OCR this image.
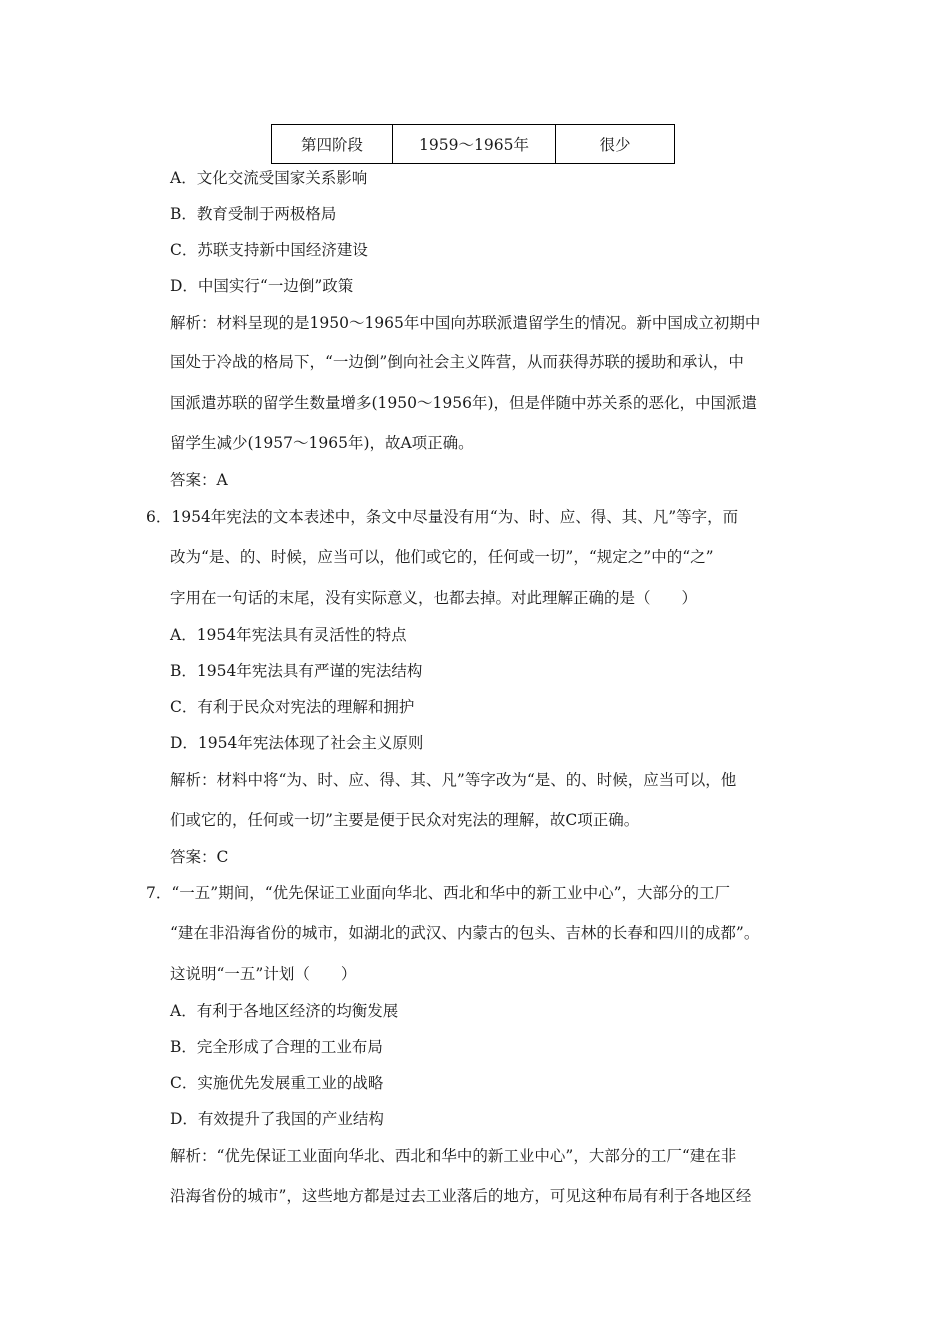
第四阶段	1959～1965年	很少
A．文化交流受国家关系影响
B．教育受制于两极格局
C．苏联支持新中国经济建设
D．中国实行“一边倒”政策
解析：材料呈现的是1950～1965年中国向苏联派遣留学生的情况。新中国成立初期中
国处于冷战的格局下，“一边倒”倒向社会主义阵营，从而获得苏联的援助和承认，中
国派遣苏联的留学生数量增多(1950～1956年)，但是伴随中苏关系的恶化，中国派遣
留学生减少(1957～1965年)，故A项正确。
答案：A
6．1954年宪法的文本表述中，条文中尽量没有用“为、时、应、得、其、凡”等字，而
改为“是、的、时候，应当可以，他们或它的，任何或一切”，“规定之”中的“之”
字用在一句话的末尾，没有实际意义，也都去掉。对此理解正确的是（　　）
A．1954年宪法具有灵活性的特点
B．1954年宪法具有严谨的宪法结构
C．有利于民众对宪法的理解和拥护
D．1954年宪法体现了社会主义原则
解析：材料中将“为、时、应、得、其、凡”等字改为“是、的、时候，应当可以，他
们或它的，任何或一切”主要是便于民众对宪法的理解，故C项正确。
答案：C
7．“一五”期间，“优先保证工业面向华北、西北和华中的新工业中心”，大部分的工厂
“建在非沿海省份的城市，如湖北的武汉、内蒙古的包头、吉林的长春和四川的成都”。
这说明“一五”计划（　　）
A．有利于各地区经济的均衡发展
B．完全形成了合理的工业布局
C．实施优先发展重工业的战略
D．有效提升了我国的产业结构
解析：“优先保证工业面向华北、西北和华中的新工业中心”，大部分的工厂“建在非
沿海省份的城市”，这些地方都是过去工业落后的地方，可见这种布局有利于各地区经
